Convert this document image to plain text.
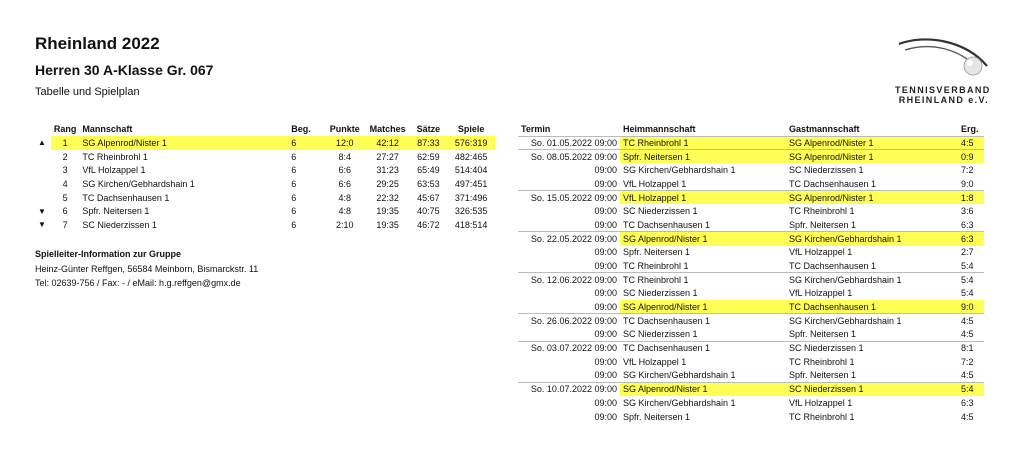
Rheinland 2022
Herren 30 A-Klasse Gr. 067
Tabelle und Spielplan	TENNISVERBAND
RHEINLAND e.V.
	Rang	Mannschaft	Beg.	Punkte	Matches	Sätze	Spiele
▲	1	SG Alpenrod/Nister 1	6	12:0	42:12	87:33	576:319
	2	TC Rheinbrohl 1	6	8:4	27:27	62:59	482:465
	3	VfL Holzappel 1	6	6:6	31:23	65:49	514:404
	4	SG Kirchen/Gebhardshain 1	6	6:6	29:25	63:53	497:451
	5	TC Dachsenhausen 1	6	4:8	22:32	45:67	371:496
▼	6	Spfr. Neitersen 1	6	4:8	19:35	40:75	326:535
▼	7	SC Niederzissen 1	6	2:10	19:35	46:72	418:514
Spielleiter-Information zur Gruppe
Heinz-Günter Reffgen, 56584 Meinborn, Bismarckstr. 11
Tel: 02639-756 / Fax: - / eMail: h.g.reffgen@gmx.de
Termin	Heimmannschaft	Gastmannschaft	Erg.
So. 01.05.2022 09:00	TC Rheinbrohl 1	SG Alpenrod/Nister 1	4:5
So. 08.05.2022 09:00	Spfr. Neitersen 1	SG Alpenrod/Nister 1	0:9
09:00	SG Kirchen/Gebhardshain 1	SC Niederzissen 1	7:2
09:00	VfL Holzappel 1	TC Dachsenhausen 1	9:0
So. 15.05.2022 09:00	VfL Holzappel 1	SG Alpenrod/Nister 1	1:8
09:00	SC Niederzissen 1	TC Rheinbrohl 1	3:6
09:00	TC Dachsenhausen 1	Spfr. Neitersen 1	6:3
So. 22.05.2022 09:00	SG Alpenrod/Nister 1	SG Kirchen/Gebhardshain 1	6:3
09:00	Spfr. Neitersen 1	VfL Holzappel 1	2:7
09:00	TC Rheinbrohl 1	TC Dachsenhausen 1	5:4
So. 12.06.2022 09:00	TC Rheinbrohl 1	SG Kirchen/Gebhardshain 1	5:4
09:00	SC Niederzissen 1	VfL Holzappel 1	5:4
09:00	SG Alpenrod/Nister 1	TC Dachsenhausen 1	9:0
So. 26.06.2022 09:00	TC Dachsenhausen 1	SG Kirchen/Gebhardshain 1	4:5
09:00	SC Niederzissen 1	Spfr. Neitersen 1	4:5
So. 03.07.2022 09:00	TC Dachsenhausen 1	SC Niederzissen 1	8:1
09:00	VfL Holzappel 1	TC Rheinbrohl 1	7:2
09:00	SG Kirchen/Gebhardshain 1	Spfr. Neitersen 1	4:5
So. 10.07.2022 09:00	SG Alpenrod/Nister 1	SC Niederzissen 1	5:4
09:00	SG Kirchen/Gebhardshain 1	VfL Holzappel 1	6:3
09:00	Spfr. Neitersen 1	TC Rheinbrohl 1	4:5
